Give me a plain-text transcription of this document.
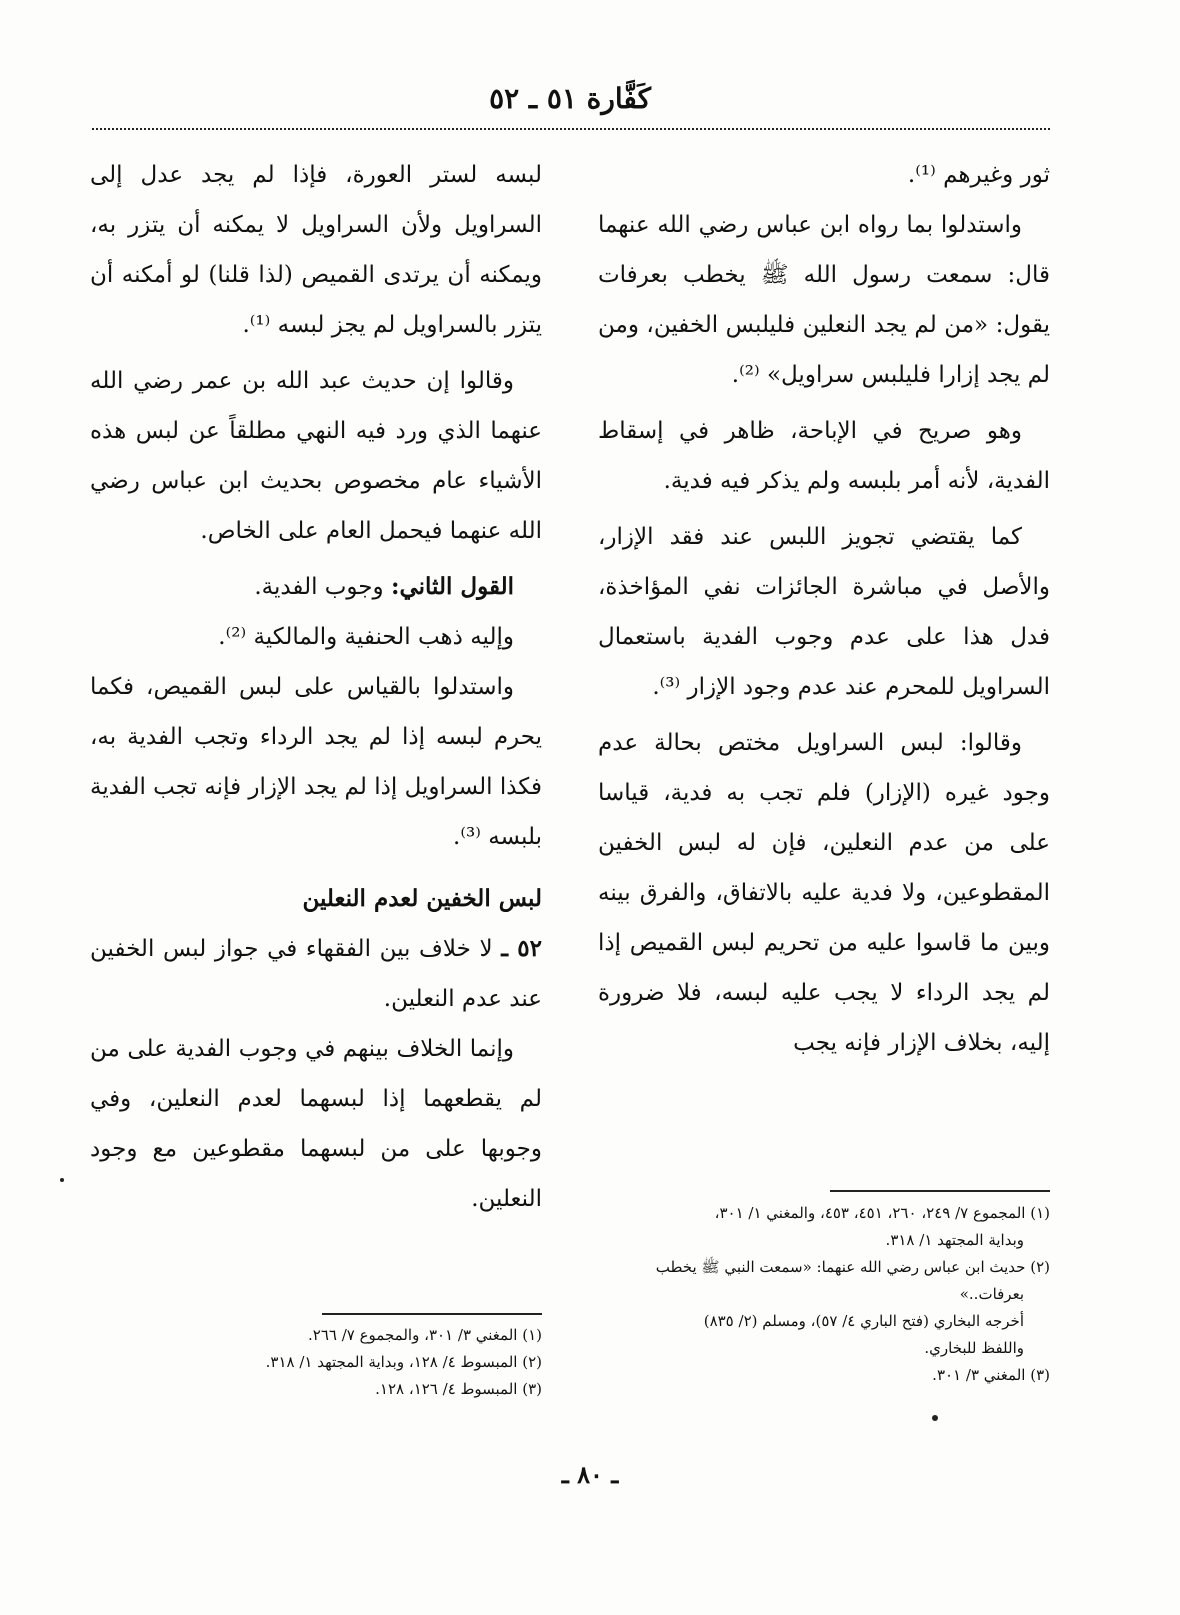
كَفَّارة ٥١ ـ ٥٢

ثور وغيرهم ⁽¹⁾.

واستدلوا بما رواه ابن عباس رضي الله عنهما قال: سمعت رسول الله ﷺ يخطب بعرفات يقول: «من لم يجد النعلين فليلبس الخفين، ومن لم يجد إزارا فليلبس سراويل» ⁽²⁾.

وهو صريح في الإباحة، ظاهر في إسقاط الفدية، لأنه أمر بلبسه ولم يذكر فيه فدية.

كما يقتضي تجويز اللبس عند فقد الإزار، والأصل في مباشرة الجائزات نفي المؤاخذة، فدل هذا على عدم وجوب الفدية باستعمال السراويل للمحرم عند عدم وجود الإزار ⁽³⁾.

وقالوا: لبس السراويل مختص بحالة عدم وجود غيره (الإزار) فلم تجب به فدية، قياسا على من عدم النعلين، فإن له لبس الخفين المقطوعين، ولا فدية عليه بالاتفاق، والفرق بينه وبين ما قاسوا عليه من تحريم لبس القميص إذا لم يجد الرداء لا يجب عليه لبسه، فلا ضرورة إليه، بخلاف الإزار فإنه يجب

لبسه لستر العورة، فإذا لم يجد عدل إلى السراويل ولأن السراويل لا يمكنه أن يتزر به، ويمكنه أن يرتدى القميص (لذا قلنا) لو أمكنه أن يتزر بالسراويل لم يجز لبسه ⁽¹⁾.

وقالوا إن حديث عبد الله بن عمر رضي الله عنهما الذي ورد فيه النهي مطلقاً عن لبس هذه الأشياء عام مخصوص بحديث ابن عباس رضي الله عنهما فيحمل العام على الخاص.

القول الثاني: وجوب الفدية.

وإليه ذهب الحنفية والمالكية ⁽²⁾.

واستدلوا بالقياس على لبس القميص، فكما يحرم لبسه إذا لم يجد الرداء وتجب الفدية به، فكذا السراويل إذا لم يجد الإزار فإنه تجب الفدية بلبسه ⁽³⁾.

لبس الخفين لعدم النعلين

٥٢ ـ لا خلاف بين الفقهاء في جواز لبس الخفين عند عدم النعلين.

وإنما الخلاف بينهم في وجوب الفدية على من لم يقطعهما إذا لبسهما لعدم النعلين، وفي وجوبها على من لبسهما مقطوعين مع وجود النعلين.

(١) المجموع ٧/ ٢٤٩، ٢٦٠، ٤٥١، ٤٥٣، والمغني ١/ ٣٠١،

وبداية المجتهد ١/ ٣١٨.

(٢) حديث ابن عباس رضي الله عنهما: «سمعت النبي ﷺ يخطب

بعرفات..»

أخرجه البخاري (فتح الباري ٤/ ٥٧)، ومسلم (٢/ ٨٣٥)

واللفظ للبخاري.

(٣) المغني ٣/ ٣٠١.

(١) المغني ٣/ ٣٠١، والمجموع ٧/ ٢٦٦.

(٢) المبسوط ٤/ ١٢٨، وبداية المجتهد ١/ ٣١٨.

(٣) المبسوط ٤/ ١٢٦، ١٢٨.

ـ ٨٠ ـ
